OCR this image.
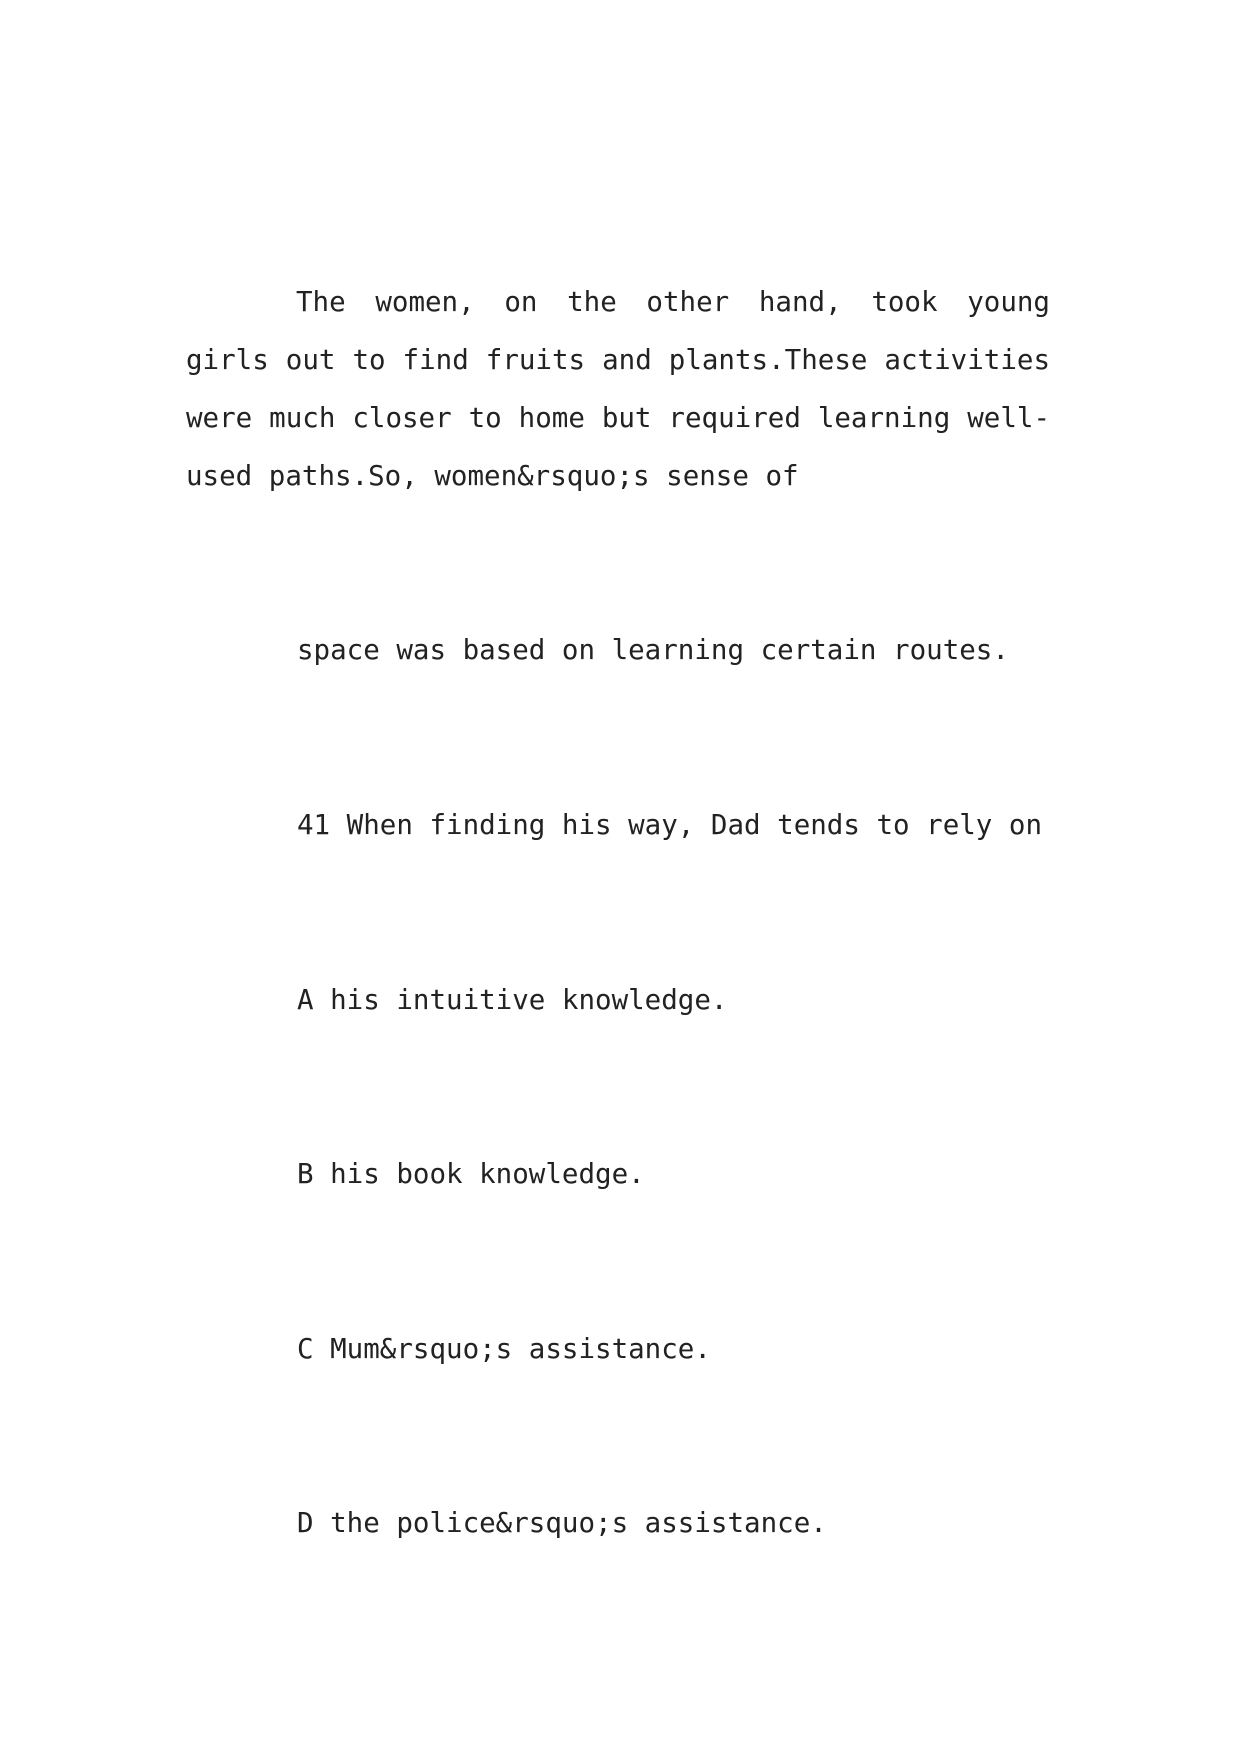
The women, on the other hand, took young girls out to find fruits and plants.These activities were much closer to home but required learning well-used paths.So, women&rsquo;s sense of
space was based on learning certain routes.
41 When finding his way, Dad tends to rely on
A his intuitive knowledge.
B his book knowledge.
C Mum&rsquo;s assistance.
D the police&rsquo;s assistance.
